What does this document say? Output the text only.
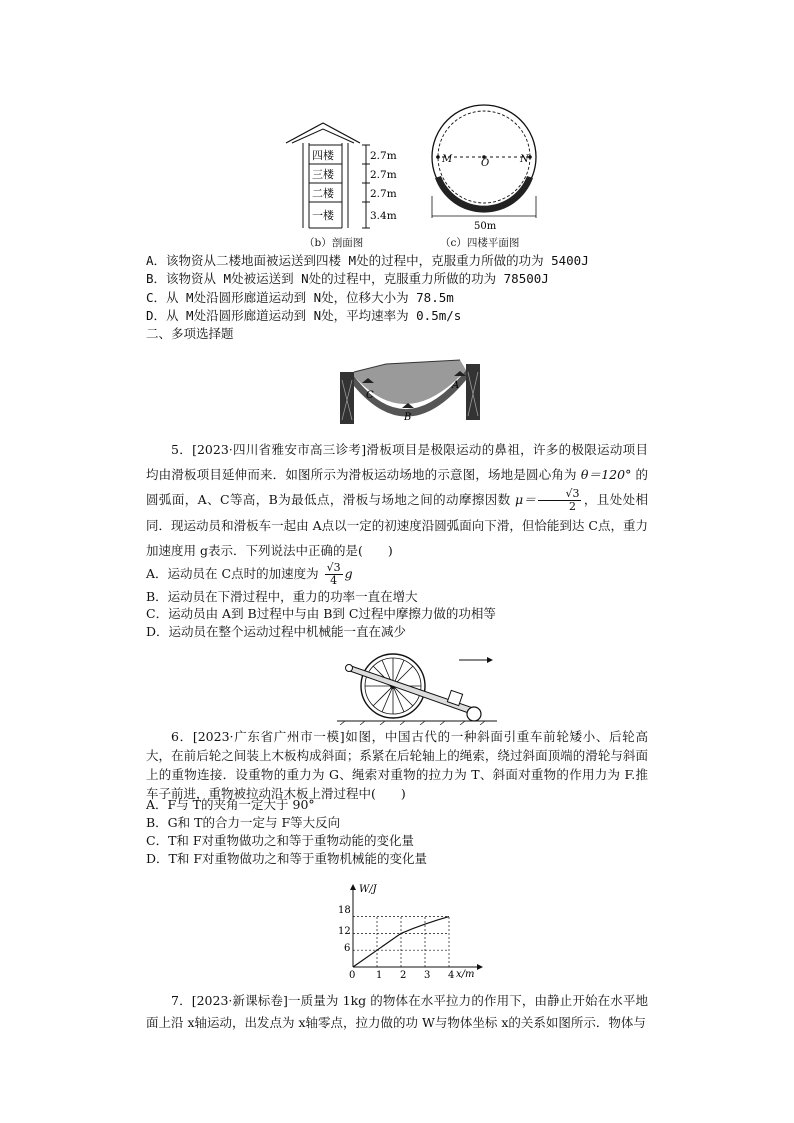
四楼
三楼
二楼
一楼
2.7m
2.7m
2.7m
3.4m
（b）剖面图
M	O	N
50m
（c）四楼平面图
A．该物资从二楼地面被运送到四楼 M处的过程中，克服重力所做的功为 5400J
B．该物资从 M处被运送到 N处的过程中，克服重力所做的功为 78500J
C．从 M处沿圆形廊道运动到 N处，位移大小为 78.5m
D．从 M处沿圆形廊道运动到 N处，平均速率为 0.5m/s
二、多项选择题
A
B
C
5．[2023·四川省雅安市高三诊考]滑板项目是极限运动的鼻祖，许多的极限运动项目均由滑板项目延伸而来．如图所示为滑板运动场地的示意图，场地是圆心角为 θ＝120° 的圆弧面，A、C等高，B为最低点，滑板与场地之间的动摩擦因数 $\mu= \frac{√3}{2}$ ，且处处相同．现运动员和滑板车一起由 A点以一定的初速度沿圆弧面向下滑，但恰能到达 C点，重力加速度用 g表示．下列说法中正确的是(　　)
A．运动员在 C点时的加速度为 $\frac{√3}{4}$ g
B．运动员在下滑过程中，重力的功率一直在增大
C．运动员由 A到 B过程中与由 B到 C过程中摩擦力做的功相等
D．运动员在整个运动过程中机械能一直在减少
6．[2023·广东省广州市一模]如图，中国古代的一种斜面引重车前轮矮小、后轮高大，在前后轮之间装上木板构成斜面；系紧在后轮轴上的绳索，绕过斜面顶端的滑轮与斜面上的重物连接．设重物的重力为 G、绳索对重物的拉力为 T、斜面对重物的作用力为 F.推车子前进，重物被拉动沿木板上滑过程中(　　)
A．F与 T的夹角一定大于 90°
B．G和 T的合力一定与 F等大反向
C．T和 F对重物做功之和等于重物动能的变化量
D．T和 F对重物做功之和等于重物机械能的变化量
W/J
x/m
0 1 2 3 4
6
12
18
7．[2023·新课标卷]一质量为 1kg 的物体在水平拉力的作用下，由静止开始在水平地面上沿 x轴运动，出发点为 x轴零点，拉力做的功 W与物体坐标 x的关系如图所示．物体与
